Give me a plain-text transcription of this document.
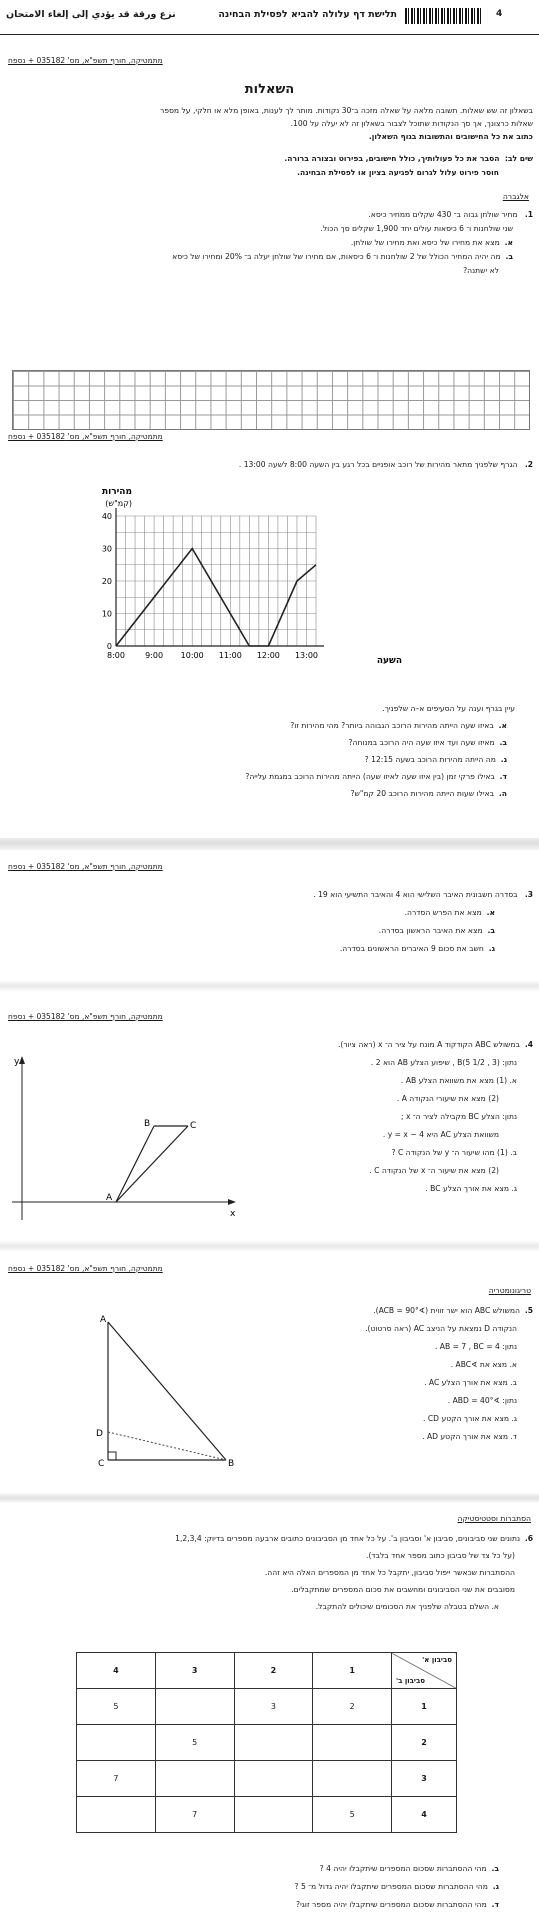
4
תלישת דף עלולה להביא לפסילת הבחינה
نزع ورقة قد يؤدي إلى إلغاء الامتحان
מתמטיקה, חורף תשפ"א, מס' 035182 + נספח
מתמטיקה, חורף תשפ"א, מס' 035182 + נספח
מתמטיקה, חורף תשפ"א, מס' 035182 + נספח
מתמטיקה, חורף תשפ"א, מס' 035182 + נספח
מתמטיקה, חורף תשפ"א, מס' 035182 + נספח
השאלות
בשאלון זה שש שאלות. תשובה מלאה על שאלה מזכה ב־30 נקודות. מותר לך לענות, באופן מלא או חלקי, על מספר
שאלות כרצונך, אך סך הנקודות שתוכל לצבור בשאלון זה לא יעלה על 100.
כתוב את כל החישובים והתשובות בגוף השאלון.
שים לב:  הסבר את כל פעולותיך, כולל חישובים, בפירוט ובצורה ברורה.
חוסר פירוט עלול לגרום לפגיעה בציון או לפסילת הבחינה.
אלגברה
1.   מחיר שולחן גבוה ב־ 430 שקלים ממחיר כיסא.
שני שולחנות ו־ 6 כיסאות עולים יחד 1,900 שקלים סך הכול.
א.  מצא את מחירו של כיסא ואת מחירו של שולחן.
ב.  מה יהיה המחיר הכולל של 2 שולחנות ו־ 6 כיסאות, אם מחירו של שולחן יעלה ב־ 20% ומחירו של כיסא
לא ישתנה?
2.   הגרף שלפניך מתאר מהירות של רוכב אופניים בכל רגע בין השעה 8:00 לשעה 13:00 .
0
10
20
30
40
8:00	9:00 10:00 11:00 12:00 13:00
מהירות
(קמ"ש)
השעה
עיין בגרף וענה על הסעיפים א–ה שלפניך.
א.  באיזו שעה הייתה מהירות הרוכב הגבוהה ביותר? מהי מהירות זו?
ב.  מאיזו שעה ועד איזו שעה היה הרוכב במנוחה?
ג.  מה הייתה מהירות הרוכב בשעה 12:15 ?
ד.  באילו פרקי זמן (בין איזו שעה לאיזו שעה) הייתה מהירות הרוכב במגמת עלייה?
ה.  באילו שעות הייתה מהירות הרוכב 20 קמ"ש?
3.   בסדרה חשבונית האיבר השלישי הוא 4 והאיבר התשיעי הוא 19 .
א.  מצא את הפרש הסדרה.
ב.  מצא את האיבר הראשון בסדרה.
ג.  חשב את סכום 9 האיברים הראשונים בסדרה.
4.  במשולש ABC הקודקוד A מונח על ציר ה־ x (ראה ציור).
נתון: B(5 1/2 , 3) , שיפוע הצלע AB הוא 2 .
א. (1) מצא את משוואת הצלע AB .
(2) מצא את שיעורי הנקודה A .
נתון: הצלע BC מקבילה לציר ה־ x ;
משוואת הצלע AC היא y = x − 4 .
ב. (1) מהו שיעור ה־ y של הנקודה C ?
(2) מצא את שיעור ה־ x של הנקודה C .
ג. מצא את אורך הצלע BC .
y
x
A
B	C
טריגונומטריה
5.  המשולש ABC הוא ישר זווית (∢ACB = 90°).
הנקודה D נמצאת על הניצב AC (ראה סרטוט).
נתון: AB = 7 , BC = 4 .
א. מצא את ∢ABC .
ב. מצא את אורך הצלע AC .
נתון: ∢ABD = 40° .
ג. מצא את אורך הקטע CD .
ד. מצא את אורך הקטע AD .
A
D
C	B
הסתברות וסטטיסטיקה
6.  נתונים שני סביבונים, סביבון א' וסביבון ב'. על כל אחד מן הסביבונים כתובים ארבעה מספרים בדיוק: 1,2,3,4
(על כל צד של סביבון כתוב מספר אחד בלבד).
ההסתברות שכאשר ייפול סביבון, יתקבל כל אחד מן המספרים האלה היא זהה.
מסובבים את שני הסביבונים ומחשבים את סכום המספרים שמתקבלים.
א. השלם בטבלה שלפניך את הסכומים שיכולים להתקבל.
סביבון א'
סביבון ב'	1	2	3	4
1	2	3		5
2			5	
3				7
4	5		7	
ב.  מהי ההסתברות שסכום המספרים שיתקבלו יהיה 4 ?
ג.  מהי ההסתברות שסכום המספרים שיתקבלו יהיה גדול מ־ 5 ?
ד.  מהי ההסתברות שסכום המספרים שיתקבלו יהיה מספר זוגי?
